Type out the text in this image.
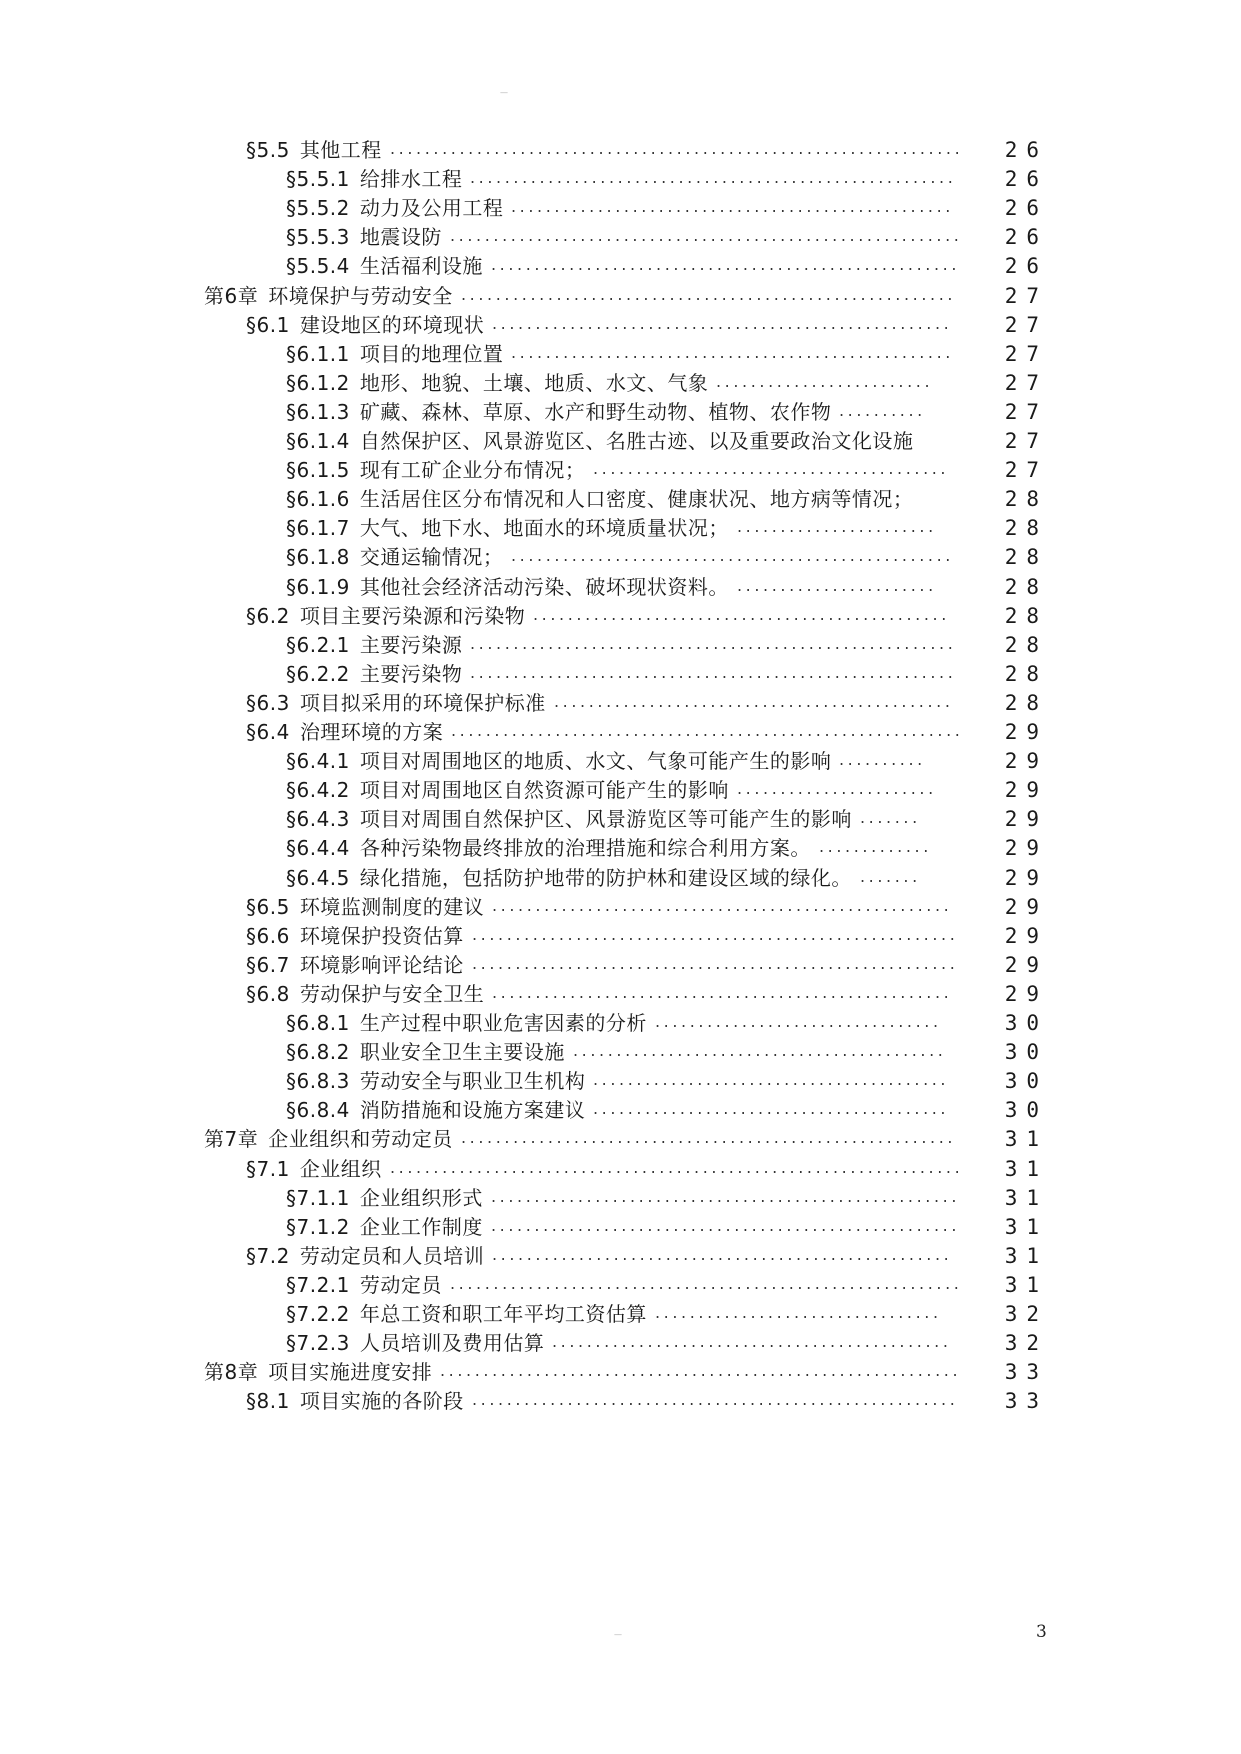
—
§5.5 其他工程 .................................................................. 26
§5.5.1 给排水工程 ........................................................ 26
§5.5.2 动力及公用工程 ................................................... 26
§5.5.3 地震设防 ........................................................... 26
§5.5.4 生活福利设施 ...................................................... 26
第6章 环境保护与劳动安全 ......................................................... 27
§6.1 建设地区的环境现状 ..................................................... 27
§6.1.1 项目的地理位置 ................................................... 27
§6.1.2 地形、地貌、土壤、地质、水文、气象 .........................	27
§6.1.3 矿藏、森林、草原、水产和野生动物、植物、农作物 ..........	27
§6.1.4 自然保护区、风景游览区、名胜古迹、以及重要政治文化设施	27
§6.1.5 现有工矿企业分布情况； .........................................	27
§6.1.6 生活居住区分布情况和人口密度、健康状况、地方病等情况；	28
§6.1.7 大气、地下水、地面水的环境质量状况； .......................	28
§6.1.8 交通运输情况； ................................................... 28
§6.1.9 其他社会经济活动污染、破坏现状资料。 .......................	28
§6.2 项目主要污染源和污染物 ................................................	28
§6.2.1 主要污染源 ........................................................ 28
§6.2.2 主要污染物 ........................................................ 28
§6.3 项目拟采用的环境保护标准 .............................................. 28
§6.4 治理环境的方案 ........................................................... 29
§6.4.1 项目对周围地区的地质、水文、气象可能产生的影响 ..........	29
§6.4.2 项目对周围地区自然资源可能产生的影响 .......................	29
§6.4.3 项目对周围自然保护区、风景游览区等可能产生的影响 .......	29
§6.4.4 各种污染物最终排放的治理措施和综合利用方案。 .............	29
§6.4.5 绿化措施，包括防护地带的防护林和建设区域的绿化。 .......	29
§6.5 环境监测制度的建议 ..................................................... 29
§6.6 环境保护投资估算 ........................................................ 29
§6.7 环境影响评论结论 ........................................................ 29
§6.8 劳动保护与安全卫生 ..................................................... 29
§6.8.1 生产过程中职业危害因素的分析 .................................	30
§6.8.2 职业安全卫生主要设施 ...........................................	30
§6.8.3 劳动安全与职业卫生机构 .........................................	30
§6.8.4 消防措施和设施方案建议 .........................................	30
第7章 企业组织和劳动定员 ......................................................... 31
§7.1 企业组织 .................................................................. 31
§7.1.1 企业组织形式 ...................................................... 31
§7.1.2 企业工作制度 ...................................................... 31
§7.2 劳动定员和人员培训 ..................................................... 31
§7.2.1 劳动定员 ........................................................... 31
§7.2.2 年总工资和职工年平均工资估算 .................................	32
§7.2.3 人员培训及费用估算 ..............................................	32
第8章 项目实施进度安排 ............................................................ 33
§8.1 项目实施的各阶段 ........................................................ 33
—	3
